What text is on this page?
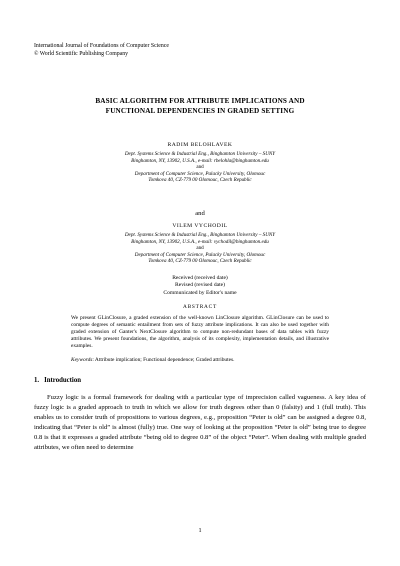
International Journal of Foundations of Computer Science
© World Scientific Publishing Company
BASIC ALGORITHM FOR ATTRIBUTE IMPLICATIONS AND
FUNCTIONAL DEPENDENCIES IN GRADED SETTING
RADIM BELOHLAVEK
Dept. Systems Science & Industrial Eng., Binghamton University – SUNY
Binghamton, NY, 13902, U.S.A., e-mail: rbelohla@binghamton.edu
and
Department of Computer Science, Palacky University, Olomouc
Tomkova 40, CZ-779 00 Olomouc, Czech Republic
and
VILEM VYCHODIL
Dept. Systems Science & Industrial Eng., Binghamton University – SUNY
Binghamton, NY, 13902, U.S.A., e-mail: vychodil@binghamton.edu
and
Department of Computer Science, Palacky University, Olomouc
Tomkova 40, CZ-779 00 Olomouc, Czech Republic
Received (received date)
Revised (revised date)
Communicated by Editor's name
ABSTRACT
We present GLinClosure, a graded extension of the well-known LinClosure algorithm. GLinClosure can be used to compute degrees of semantic entailment from sets of fuzzy attribute implications. It can also be used together with graded extension of Ganter's NextClosure algorithm to compute non-redundant bases of data tables with fuzzy attributes. We present foundations, the algorithm, analysis of its complexity, implementation details, and illustrative examples.
Keywords: Attribute implication; Functional dependence; Graded attributes.
1. Introduction
Fuzzy logic is a formal framework for dealing with a particular type of imprecision called vagueness. A key idea of fuzzy logic is a graded approach to truth in which we allow for truth degrees other than 0 (falsity) and 1 (full truth). This enables us to consider truth of propositions to various degrees, e.g., proposition “Peter is old” can be assigned a degree 0.8, indicating that “Peter is old” is almost (fully) true. One way of looking at the proposition “Peter is old” being true to degree 0.8 is that it expresses a graded attribute “being old to degree 0.8” of the object “Peter”. When dealing with multiple graded attributes, we often need to determine
1
